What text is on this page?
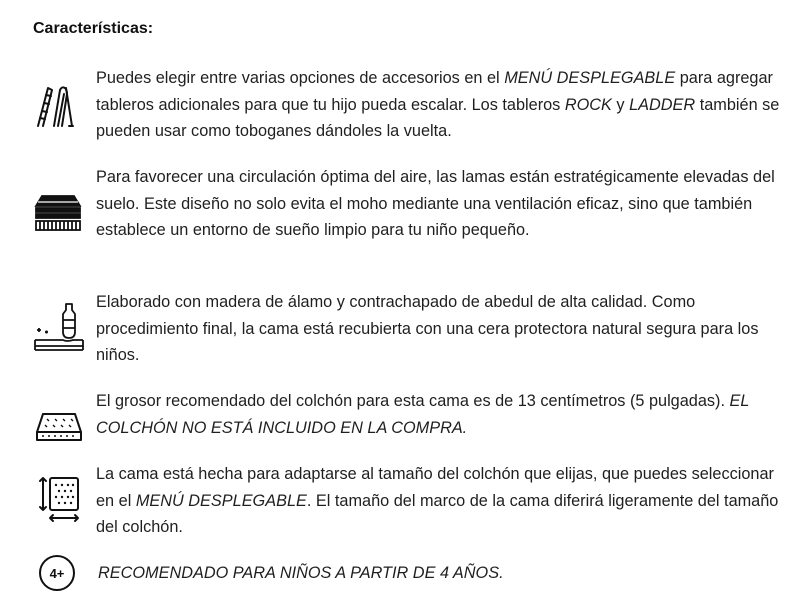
Características:

Puedes elegir entre varias opciones de accesorios en el MENÚ DESPLEGABLE para agregar tableros adicionales para que tu hijo pueda escalar. Los tableros ROCK y LADDER también se pueden usar como toboganes dándoles la vuelta.

Para favorecer una circulación óptima del aire, las lamas están estratégicamente elevadas del suelo. Este diseño no solo evita el moho mediante una ventilación eficaz, sino que también establece un entorno de sueño limpio para tu niño pequeño.

Elaborado con madera de álamo y contrachapado de abedul de alta calidad. Como procedimiento final, la cama está recubierta con una cera protectora natural segura para los niños.

El grosor recomendado del colchón para esta cama es de 13 centímetros (5 pulgadas). EL COLCHÓN NO ESTÁ INCLUIDO EN LA COMPRA.

La cama está hecha para adaptarse al tamaño del colchón que elijas, que puedes seleccionar en el MENÚ DESPLEGABLE. El tamaño del marco de la cama diferirá ligeramente del tamaño del colchón.

4+ RECOMENDADO PARA NIÑOS A PARTIR DE 4 AÑOS.
